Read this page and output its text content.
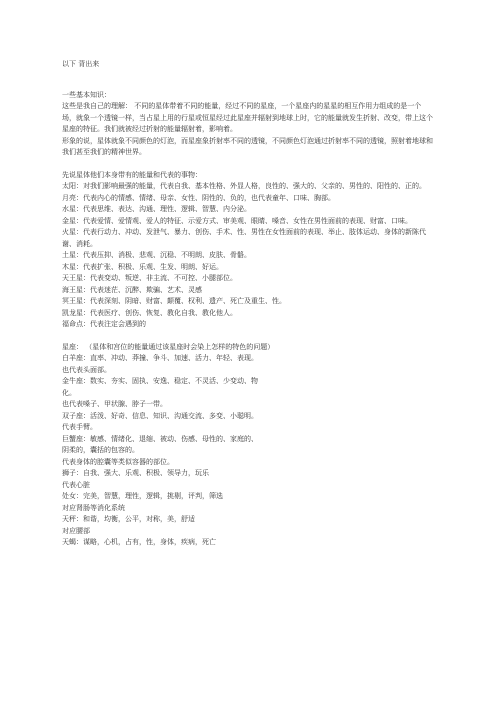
以下 背出来

一些基本知识：

这些是我自己的理解： 不同的星体带着不同的能量，经过不同的星座，一个星座内的星星的相互作用力组成的是一个场，就象一个透镜一样，当占星上用的行星或恒星经过此星座并辐射到地球上时，它的能量就发生折射、改变，带上这个星座的特征。我们就被经过折射的能量辐射着，影响着。

形象的说，星体就象不同颜色的灯泡，而星座象折射率不同的透镜，不同颜色灯泡通过折射率不同的透镜，照射着地球和我们甚至我们的精神世界。

先说星体他们本身带有的能量和代表的事物：

太阳：对我们影响最强的能量，代表自我、基本性格、外显人格，良性的、强大的、父亲的、男性的、阳性的、正的。

月亮：代表内心的情感、情绪、母亲、女性、阴性的、负的，也代表童年、口味、胸部。

水星：代表思维、表达、沟通、理性、逻辑、智慧、内分泌。

金星：代表爱情、爱情观、爱人的特征、示爱方式、审美观、眼睛、嗓音、女性在男性面前的表现、财富、口味。

火星：代表行动力、冲动、发泄气、暴力、创伤、手术、性、男性在女性面前的表现、举止、肢体运动、身体的新陈代谢、消耗。

土星：代表压抑、消极、悲观、沉稳、不明朗、皮肤、骨骼。

木星：代表扩张、积极、乐观、生发、明朗、好运。

天王星：代表变动、叛逆、非主流、不可控、小腿部位。

海王星：代表迷茫、沉醉、欺骗、艺术、灵感

冥王星：代表深刻、阴暗、财富、颠覆、权利、遗产、死亡及重生、性。

凯龙星：代表医疗、创伤、恢复、教化自我、教化他人。

福命点：代表注定会遇到的

星座： （星体和宫位的能量通过该星座时会染上怎样的特色的问题）

白羊座：直率、冲动、莽撞、争斗、加速、活力、年轻、表现。

也代表头面部。

金牛座：数实、夯实、固执、安逸、稳定、不灵活、少变动、物

化。

也代表嗓子、甲状腺、脖子一带。

双子座：活泼、好奇、信息、知识、沟通交流、多变、小聪明。

代表手臂。

巨蟹座：敏感、情绪化、退缩、被动、伤感、母性的、家庭的、

阴柔的，囊括的包容的。

代表身体的腔囊等类似容器的部位。

狮子：自我、强大、乐观、积极、领导力，玩乐

代表心脏

处女：完美，智慧，理性，逻辑，挑剔，评判，筛选

对应肾肠等消化系统

天秤：和谐，均衡，公平，对称，美，舒适

对应腰部

天蝎：谋略，心机，占有，性，身体，疾病，死亡
